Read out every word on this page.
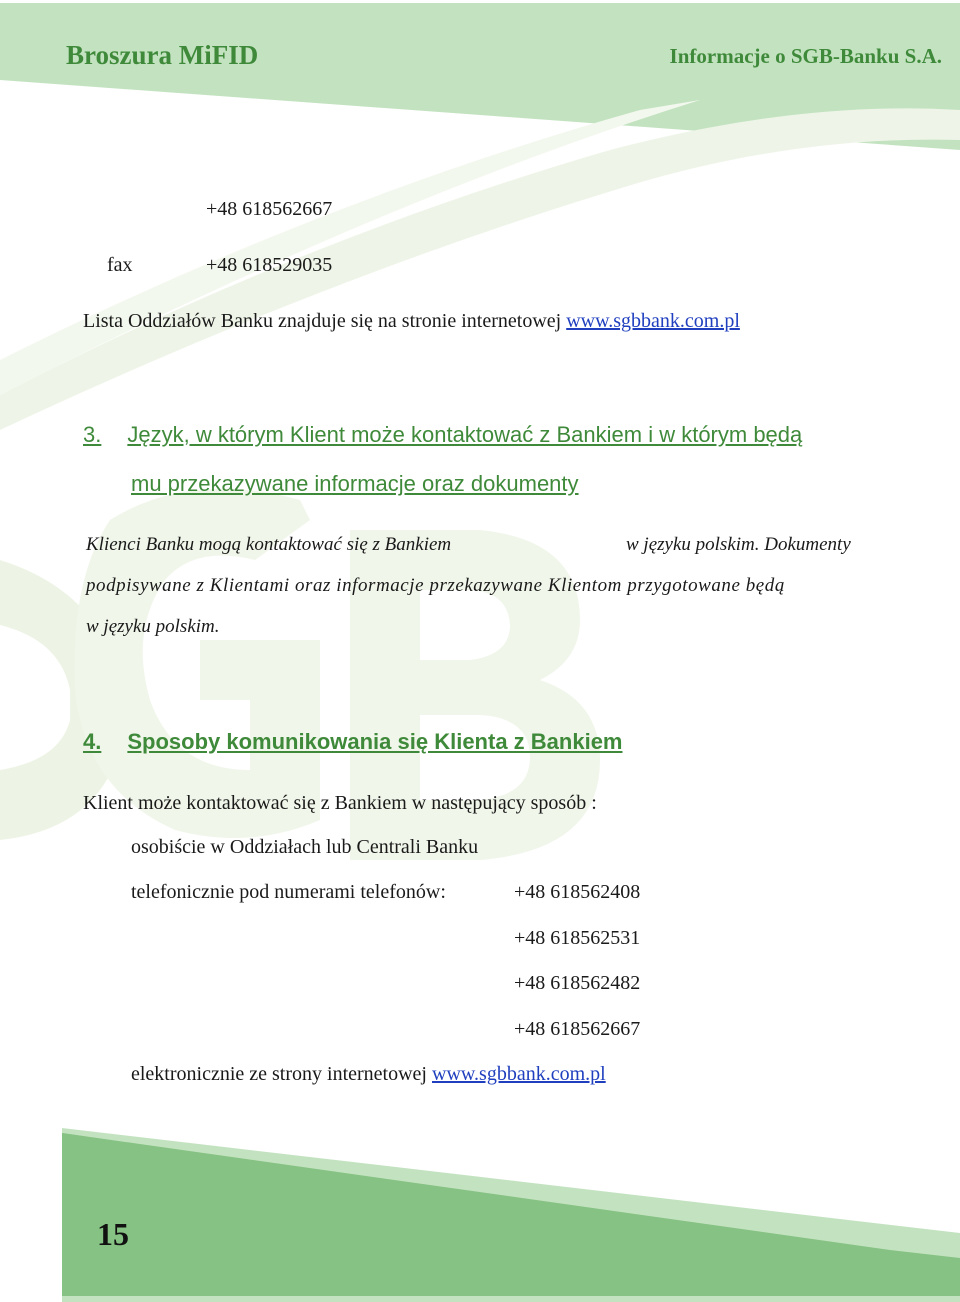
Broszura MiFID	Informacje o SGB-Banku S.A.
+48 618562667
fax	+48 618529035
Lista Oddziałów Banku znajduje się na stronie internetowej www.sgbbank.com.pl
3. Język, w którym Klient może kontaktować z Bankiem i w którym będą
mu przekazywane informacje oraz dokumenty
Klienci Banku mogą kontaktować się z Bankiem	w języku polskim. Dokumenty
podpisywane z Klientami oraz informacje przekazywane Klientom przygotowane będą
w języku polskim.
4. Sposoby komunikowania się Klienta z Bankiem
Klient może kontaktować się z Bankiem w następujący sposób :
osobiście w Oddziałach lub Centrali Banku
telefonicznie pod numerami telefonów:	+48 618562408
+48 618562531
+48 618562482
+48 618562667
elektronicznie ze strony internetowej www.sgbbank.com.pl
15
